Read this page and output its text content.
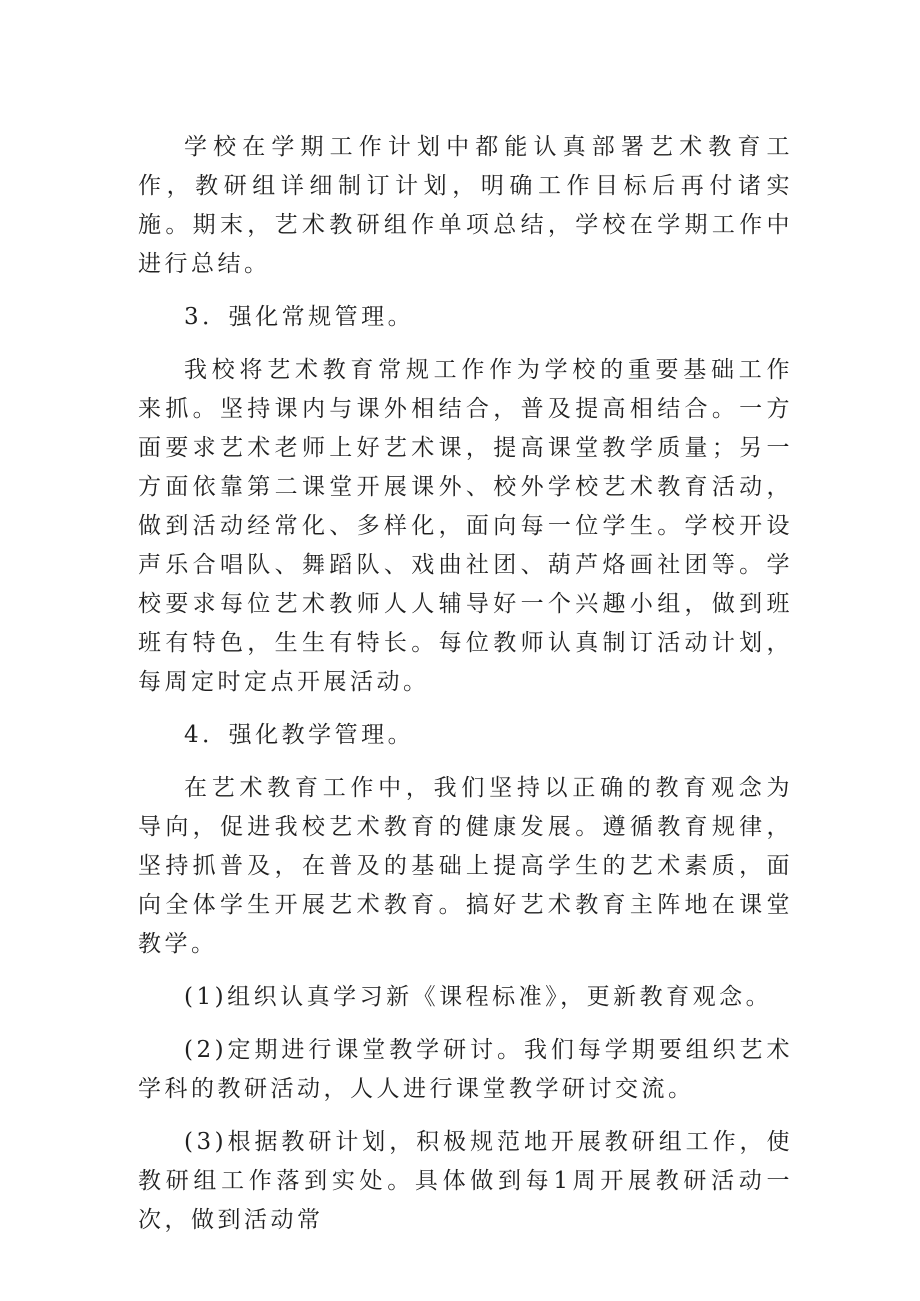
学校在学期工作计划中都能认真部署艺术教育工作，教研组详细制订计划，明确工作目标后再付诸实施。期末，艺术教研组作单项总结，学校在学期工作中进行总结。

3．强化常规管理。

我校将艺术教育常规工作作为学校的重要基础工作来抓。坚持课内与课外相结合，普及提高相结合。一方面要求艺术老师上好艺术课，提高课堂教学质量；另一方面依靠第二课堂开展课外、校外学校艺术教育活动，做到活动经常化、多样化，面向每一位学生。学校开设声乐合唱队、舞蹈队、戏曲社团、葫芦烙画社团等。学校要求每位艺术教师人人辅导好一个兴趣小组，做到班班有特色，生生有特长。每位教师认真制订活动计划，每周定时定点开展活动。

4．强化教学管理。

在艺术教育工作中，我们坚持以正确的教育观念为导向，促进我校艺术教育的健康发展。遵循教育规律，坚持抓普及，在普及的基础上提高学生的艺术素质，面向全体学生开展艺术教育。搞好艺术教育主阵地在课堂教学。

(1)组织认真学习新《课程标准》，更新教育观念。

(2)定期进行课堂教学研讨。我们每学期要组织艺术学科的教研活动，人人进行课堂教学研讨交流。

(3)根据教研计划，积极规范地开展教研组工作，使教研组工作落到实处。具体做到每1周开展教研活动一次，做到活动常
